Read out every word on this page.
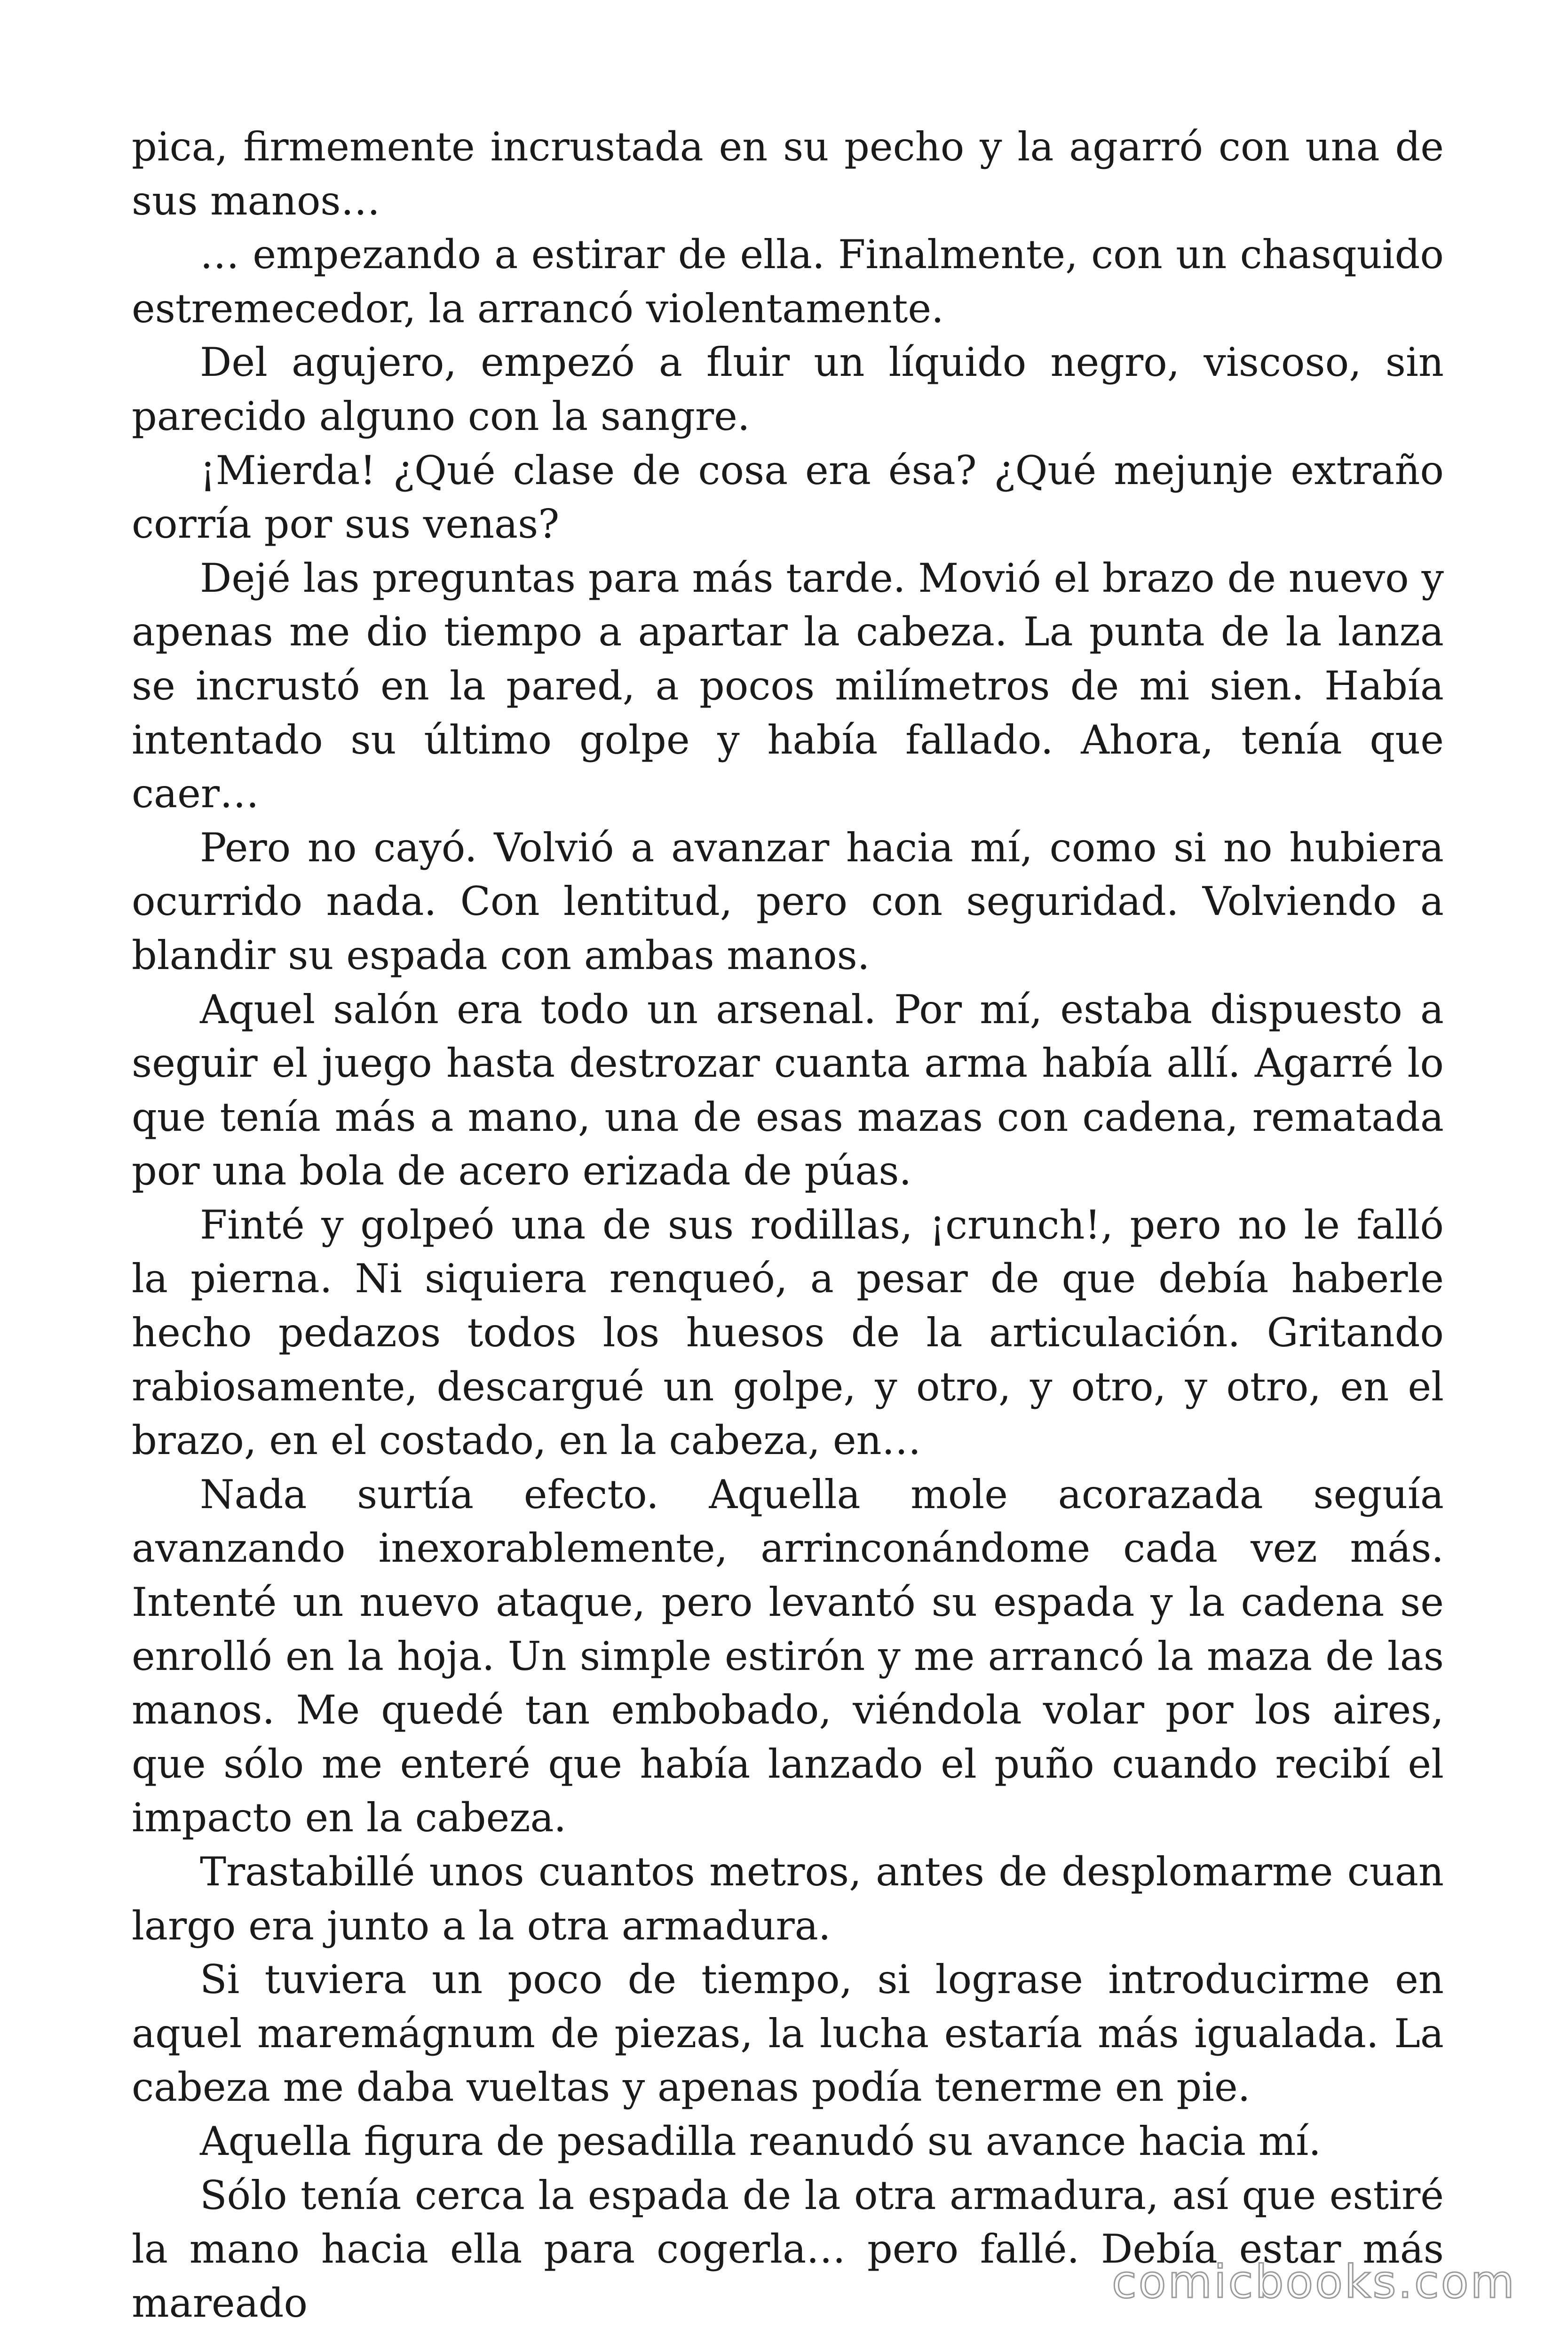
pica, firmemente incrustada en su pecho y la agarró con una de sus manos…

… empezando a estirar de ella. Finalmente, con un chasquido estremecedor, la arrancó violentamente.

Del agujero, empezó a fluir un líquido negro, viscoso, sin parecido alguno con la sangre.

¡Mierda! ¿Qué clase de cosa era ésa? ¿Qué mejunje extraño corría por sus venas?

Dejé las preguntas para más tarde. Movió el brazo de nuevo y apenas me dio tiempo a apartar la cabeza. La punta de la lanza se incrustó en la pared, a pocos milímetros de mi sien. Había intentado su último golpe y había fallado. Ahora, tenía que caer…

Pero no cayó. Volvió a avanzar hacia mí, como si no hubiera ocurrido nada. Con lentitud, pero con seguridad. Volviendo a blandir su espada con ambas manos.

Aquel salón era todo un arsenal. Por mí, estaba dispuesto a seguir el juego hasta destrozar cuanta arma había allí. Agarré lo que tenía más a mano, una de esas mazas con cadena, rematada por una bola de acero erizada de púas.

Finté y golpeó una de sus rodillas, ¡crunch!, pero no le falló la pierna. Ni siquiera renqueó, a pesar de que debía haberle hecho pedazos todos los huesos de la articulación. Gritando rabiosamente, descargué un golpe, y otro, y otro, y otro, en el brazo, en el costado, en la cabeza, en…

Nada surtía efecto. Aquella mole acorazada seguía avanzando inexorablemente, arrinconándome cada vez más. Intenté un nuevo ataque, pero levantó su espada y la cadena se enrolló en la hoja. Un simple estirón y me arrancó la maza de las manos. Me quedé tan embobado, viéndola volar por los aires, que sólo me enteré que había lanzado el puño cuando recibí el impacto en la cabeza.

Trastabillé unos cuantos metros, antes de desplomarme cuan largo era junto a la otra armadura.

Si tuviera un poco de tiempo, si lograse introducirme en aquel maremágnum de piezas, la lucha estaría más igualada. La cabeza me daba vueltas y apenas podía tenerme en pie.

Aquella figura de pesadilla reanudó su avance hacia mí.

Sólo tenía cerca la espada de la otra armadura, así que estiré la mano hacia ella para cogerla… pero fallé. Debía estar más mareado	comicbooks.com
